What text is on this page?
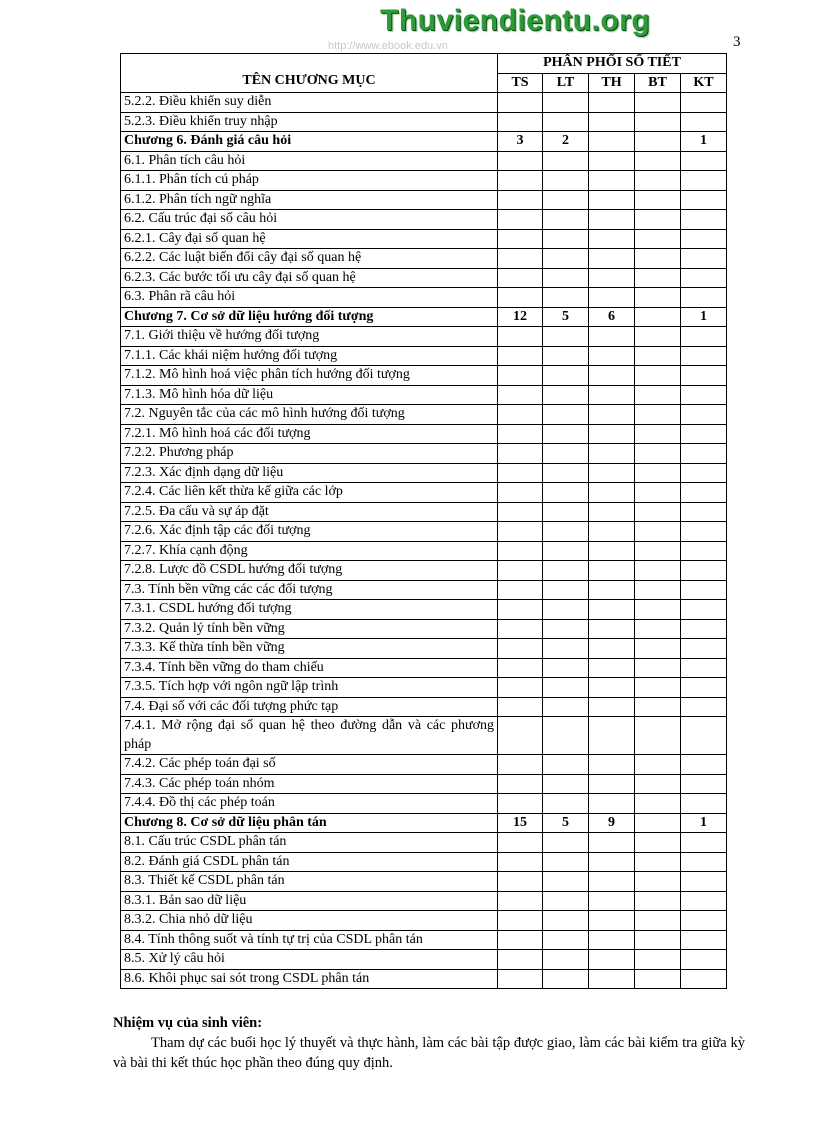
Thuviendientu.org
http://www.ebook.edu.vn	3
TÊN CHƯƠNG MỤC	PHÂN PHỐI SỐ TIẾT				
	TS	LT	TH	BT	KT
5.2.2. Điều khiển suy diễn					
5.2.3. Điều khiển truy nhập					
Chương 6. Đánh giá câu hỏi	3	2			1
6.1. Phân tích câu hỏi					
6.1.1. Phân tích cú pháp					
6.1.2. Phân tích ngữ nghĩa					
6.2. Cấu trúc đại số câu hỏi					
6.2.1. Cây đại số quan hệ					
6.2.2. Các luật biến đổi cây đại số quan hệ					
6.2.3. Các bước tối ưu cây đại số quan hệ					
6.3. Phân rã câu hỏi					
Chương 7. Cơ sở dữ liệu hướng đối tượng	12	5	6		1
7.1. Giới thiệu về hướng đối tượng					
7.1.1. Các khái niệm hướng đối tượng					
7.1.2. Mô hình hoá việc phân tích hướng đối tượng					
7.1.3. Mô hình hóa dữ liệu					
7.2. Nguyên tắc của các mô hình hướng đối tượng					
7.2.1. Mô hình hoá các đối tượng					
7.2.2. Phương pháp					
7.2.3. Xác định dạng dữ liệu					
7.2.4. Các liên kết thừa kế giữa các lớp					
7.2.5. Đa cấu và sự áp đặt					
7.2.6. Xác định tập các đối tượng					
7.2.7. Khía cạnh động					
7.2.8. Lược đồ CSDL hướng đối tượng					
7.3. Tính bền vững các các đối tượng					
7.3.1. CSDL hướng đối tượng					
7.3.2. Quản lý tính bền vững					
7.3.3. Kế thừa tính bền vững					
7.3.4. Tính bền vững do tham chiếu					
7.3.5. Tích hợp với ngôn ngữ lập trình					
7.4. Đại số với các đối tượng phức tạp					
7.4.1. Mở rộng đại số quan hệ theo đường dẫn và các phương pháp					
7.4.2. Các phép toán đại số					
7.4.3. Các phép toán nhóm					
7.4.4. Đồ thị các phép toán					
Chương 8. Cơ sở dữ liệu phân tán	15	5	9		1
8.1. Cấu trúc CSDL phân tán					
8.2. Đánh giá CSDL phân tán					
8.3. Thiết kế CSDL phân tán					
8.3.1. Bản sao dữ liệu					
8.3.2. Chia nhỏ dữ liệu					
8.4. Tính thông suốt và tính tự trị của CSDL phân tán					
8.5. Xử lý câu hỏi					
8.6. Khôi phục sai sót trong CSDL phân tán					
Nhiệm vụ của sinh viên:

Tham dự các buổi học lý thuyết và thực hành, làm các bài tập được giao, làm các bài kiểm tra giữa kỳ và bài thi kết thúc học phần theo đúng quy định.
